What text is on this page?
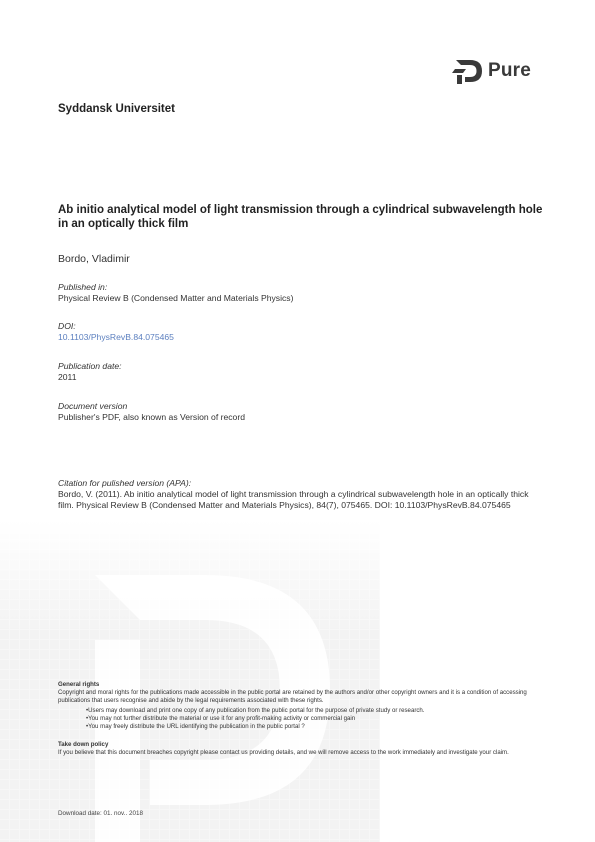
Pure
Syddansk Universitet
Ab initio analytical model of light transmission through a cylindrical subwavelength hole in an optically thick film
Bordo, Vladimir
Published in:
Physical Review B (Condensed Matter and Materials Physics)
DOI:
10.1103/PhysRevB.84.075465
Publication date:
2011
Document version
Publisher's PDF, also known as Version of record
Citation for pulished version (APA):
Bordo, V. (2011). Ab initio analytical model of light transmission through a cylindrical subwavelength hole in an optically thick film. Physical Review B (Condensed Matter and Materials Physics), 84(7), 075465. DOI: 10.1103/PhysRevB.84.075465
General rights
Copyright and moral rights for the publications made accessible in the public portal are retained by the authors and/or other copyright owners and it is a condition of accessing publications that users recognise and abide by the legal requirements associated with these rights.
• Users may download and print one copy of any publication from the public portal for the purpose of private study or research.
• You may not further distribute the material or use it for any profit-making activity or commercial gain
• You may freely distribute the URL identifying the publication in the public portal ?
Take down policy
If you believe that this document breaches copyright please contact us providing details, and we will remove access to the work immediately and investigate your claim.
Download date: 01. nov.. 2018
